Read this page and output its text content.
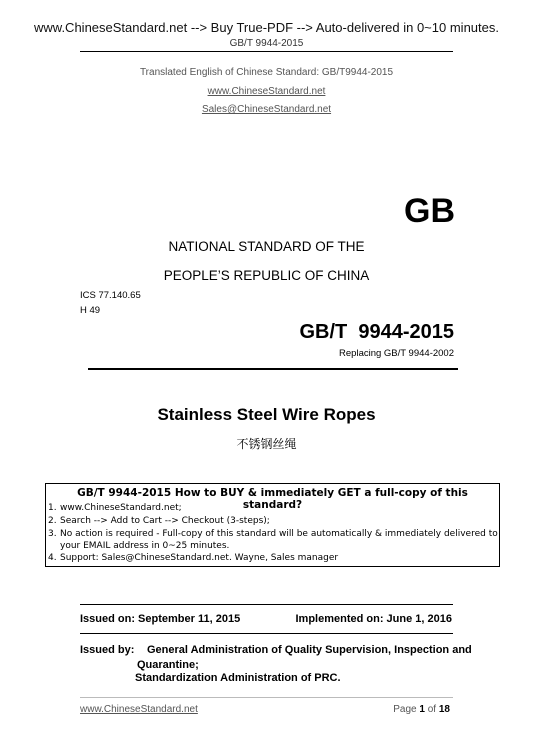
www.ChineseStandard.net --> Buy True-PDF --> Auto-delivered in 0~10 minutes.
GB/T 9944-2015
Translated English of Chinese Standard: GB/T9944-2015
www.ChineseStandard.net
Sales@ChineseStandard.net
GB
NATIONAL STANDARD OF THE
PEOPLE’S REPUBLIC OF CHINA
ICS 77.140.65
H 49
GB/T  9944-2015
Replacing GB/T 9944-2002
Stainless Steel Wire Ropes
不锈钢丝绳
GB/T 9944-2015 How to BUY & immediately GET a full-copy of this standard?
1. www.ChineseStandard.net;
2. Search --> Add to Cart --> Checkout (3-steps);
3. No action is required - Full-copy of this standard will be automatically & immediately delivered to
your EMAIL address in 0~25 minutes.
4. Support: Sales@ChineseStandard.net. Wayne, Sales manager
Issued on: September 11, 2015	Implemented on: June 1, 2016
Issued by: General Administration of Quality Supervision, Inspection and
Quarantine;
Standardization Administration of PRC.
www.ChineseStandard.net	Page 1 of 18
